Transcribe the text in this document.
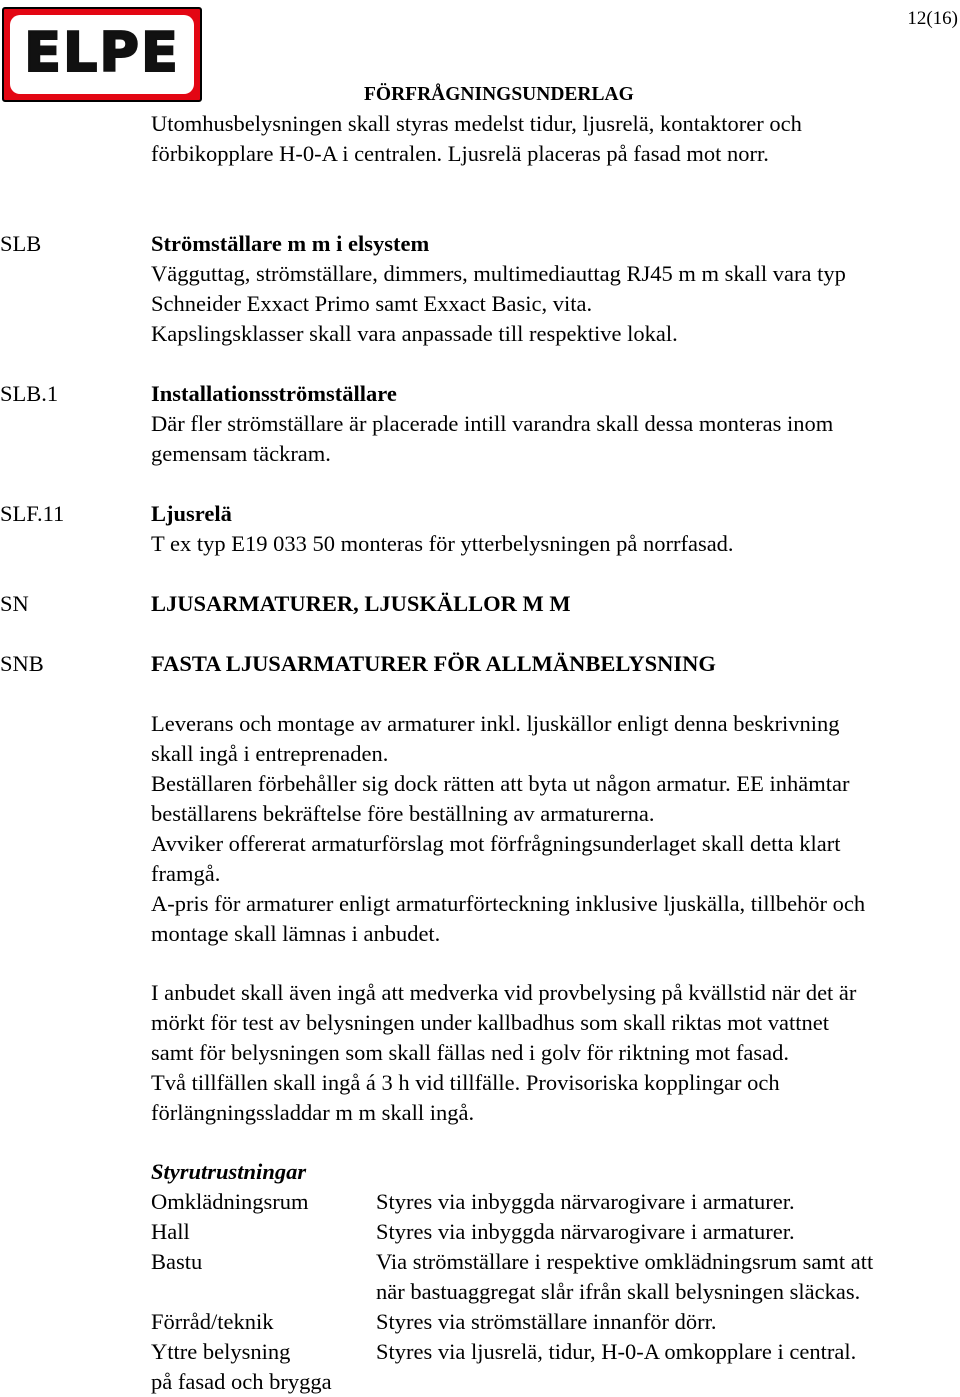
ELPE
12(16)
FÖRFRÅGNINGSUNDERLAG
Utomhusbelysningen skall styras medelst tidur, ljusrelä, kontaktorer och
förbikopplare H-0-A i centralen. Ljusrelä placeras på fasad mot norr.
SLB	Strömställare m m i elsystem
Vägguttag, strömställare, dimmers, multimediauttag RJ45 m m skall vara typ
Schneider Exxact Primo samt Exxact Basic, vita.
Kapslingsklasser skall vara anpassade till respektive lokal.
SLB.1	Installationsströmställare
Där fler strömställare är placerade intill varandra skall dessa monteras inom
gemensam täckram.
SLF.11	Ljusrelä
T ex typ E19 033 50 monteras för ytterbelysningen på norrfasad.
SN	LJUSARMATURER, LJUSKÄLLOR M M
SNB	FASTA LJUSARMATURER FÖR ALLMÄNBELYSNING
Leverans och montage av armaturer inkl. ljuskällor enligt denna beskrivning
skall ingå i entreprenaden.
Beställaren förbehåller sig dock rätten att byta ut någon armatur. EE inhämtar
beställarens bekräftelse före beställning av armaturerna.
Avviker offererat armaturförslag mot förfrågningsunderlaget skall detta klart
framgå.
A-pris för armaturer enligt armaturförteckning inklusive ljuskälla, tillbehör och
montage skall lämnas i anbudet.
I anbudet skall även ingå att medverka vid provbelysing på kvällstid när det är
mörkt för test av belysningen under kallbadhus som skall riktas mot vattnet
samt för belysningen som skall fällas ned i golv för riktning mot fasad.
Två tillfällen skall ingå á 3 h vid tillfälle. Provisoriska kopplingar och
förlängningssladdar m m skall ingå.
Styrutrustningar
Omklädningsrum	Styres via inbyggda närvarogivare i armaturer.
Hall	Styres via inbyggda närvarogivare i armaturer.
Bastu	Via strömställare i respektive omklädningsrum samt att
när bastuaggregat slår ifrån skall belysningen släckas.
Förråd/teknik	Styres via strömställare innanför dörr.
Yttre belysning	Styres via ljusrelä, tidur, H-0-A omkopplare i central.
på fasad och brygga
